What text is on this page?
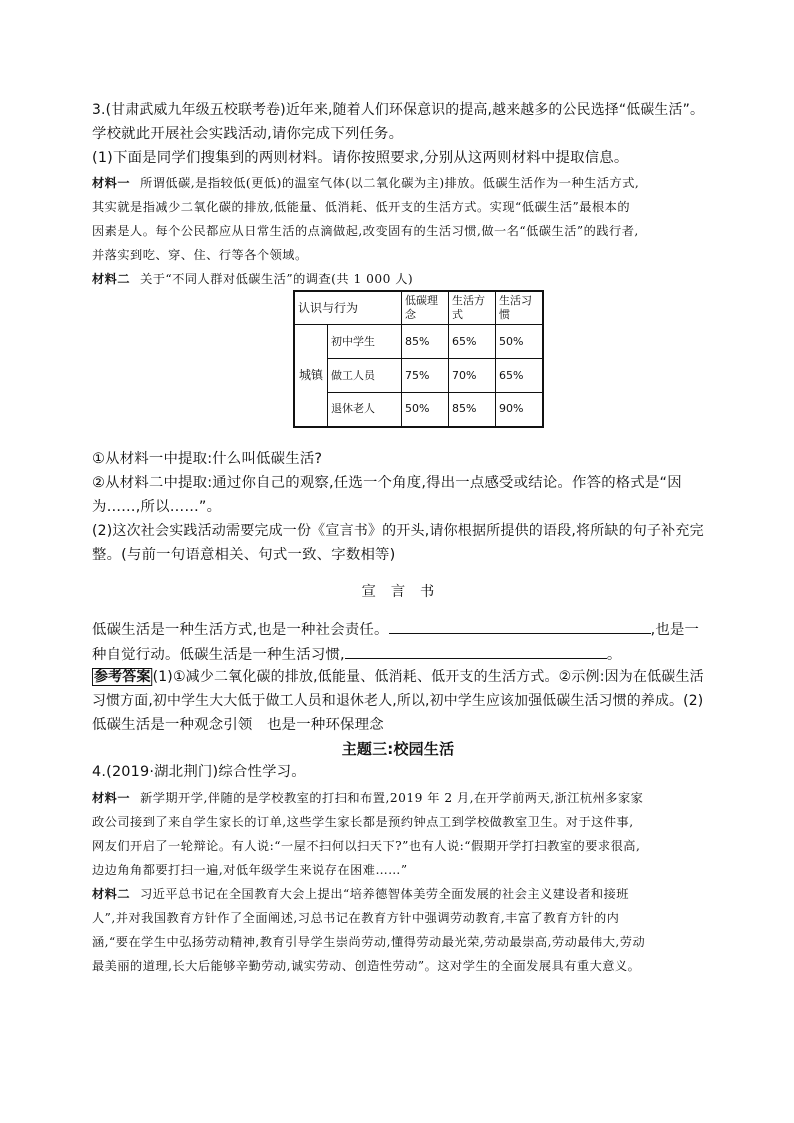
3.(甘肃武威九年级五校联考卷)近年来,随着人们环保意识的提高,越来越多的公民选择“低碳生活”。
学校就此开展社会实践活动,请你完成下列任务。
(1)下面是同学们搜集到的两则材料。请你按照要求,分别从这两则材料中提取信息。
材料一 所谓低碳,是指较低(更低)的温室气体(以二氧化碳为主)排放。低碳生活作为一种生活方式,
其实就是指减少二氧化碳的排放,低能量、低消耗、低开支的生活方式。实现“低碳生活”最根本的
因素是人。每个公民都应从日常生活的点滴做起,改变固有的生活习惯,做一名“低碳生活”的践行者,
并落实到吃、穿、住、行等各个领域。
材料二 关于“不同人群对低碳生活”的调查(共 1 000 人)
认识与行为		低碳理念	生活方式	生活习惯
城镇	初中学生	85%	65%	50%
	做工人员	75%	70%	65%
	退休老人	50%	85%	90%
①从材料一中提取:什么叫低碳生活?
②从材料二中提取:通过你自己的观察,任选一个角度,得出一点感受或结论。作答的格式是“因
为……,所以……”。
(2)这次社会实践活动需要完成一份《宣言书》的开头,请你根据所提供的语段,将所缺的句子补充完
整。(与前一句语意相关、句式一致、字数相等)
宣　言　书
低碳生活是一种生活方式,也是一种社会责任。	,也是一
种自觉行动。低碳生活是一种生活习惯,	。
参考答案 (1)①减少二氧化碳的排放,低能量、低消耗、低开支的生活方式。②示例:因为在低碳生活
习惯方面,初中学生大大低于做工人员和退休老人,所以,初中学生应该加强低碳生活习惯的养成。(2)
低碳生活是一种观念引领　也是一种环保理念
主题三:校园生活
4.(2019·湖北荆门)综合性学习。
材料一 新学期开学,伴随的是学校教室的打扫和布置,2019 年 2 月,在开学前两天,浙江杭州多家家
政公司接到了来自学生家长的订单,这些学生家长都是预约钟点工到学校做教室卫生。对于这件事,
网友们开启了一轮辩论。有人说:“一屋不扫何以扫天下?”也有人说:“假期开学打扫教室的要求很高,
边边角角都要打扫一遍,对低年级学生来说存在困难……”
材料二 习近平总书记在全国教育大会上提出“培养德智体美劳全面发展的社会主义建设者和接班
人”,并对我国教育方针作了全面阐述,习总书记在教育方针中强调劳动教育,丰富了教育方针的内
涵,“要在学生中弘扬劳动精神,教育引导学生崇尚劳动,懂得劳动最光荣,劳动最崇高,劳动最伟大,劳动
最美丽的道理,长大后能够辛勤劳动,诚实劳动、创造性劳动”。这对学生的全面发展具有重大意义。
